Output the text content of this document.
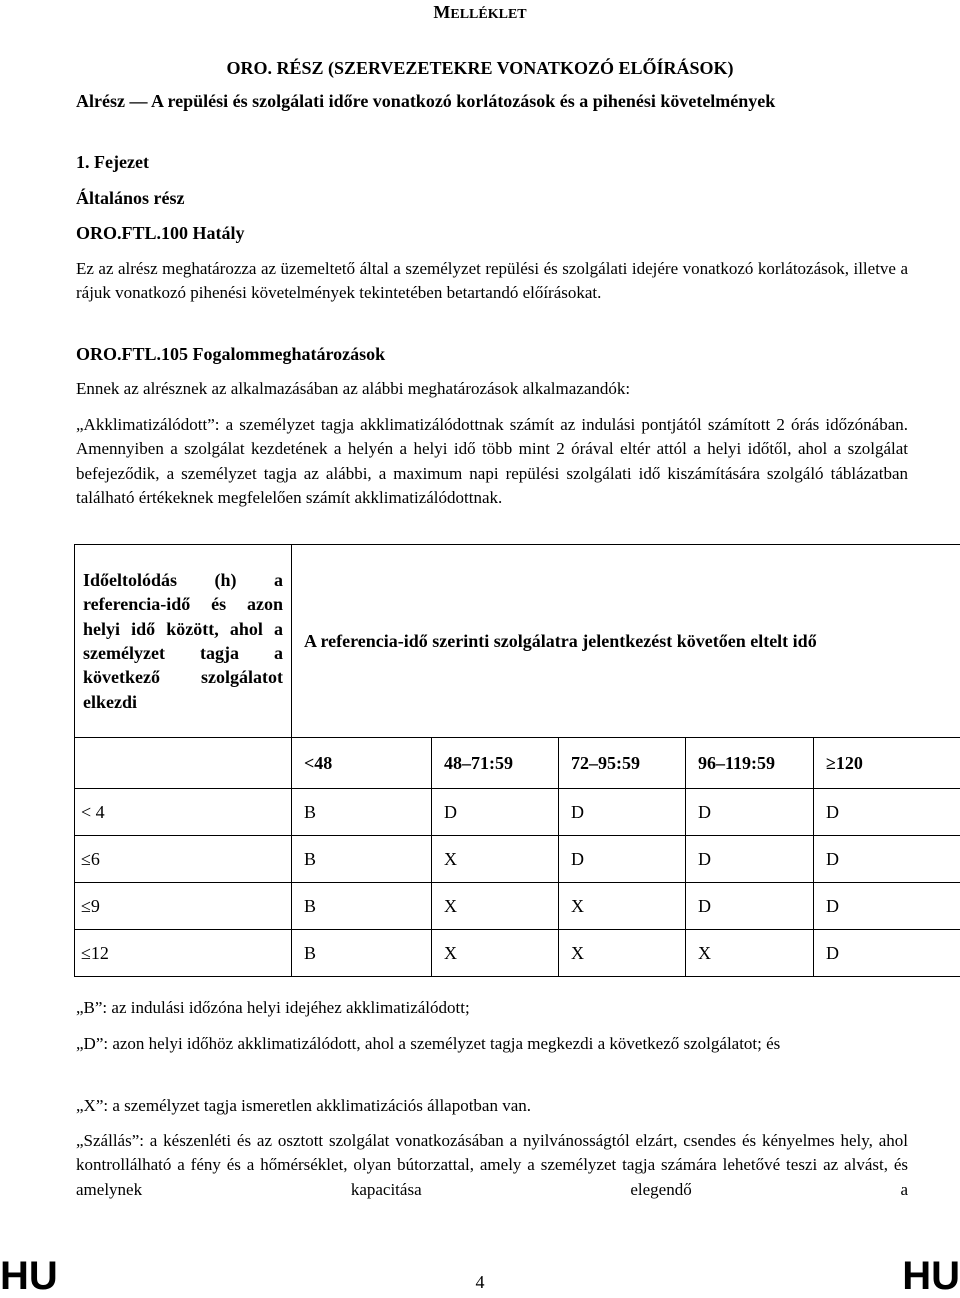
MELLÉKLET
ORO. RÉSZ (SZERVEZETEKRE VONATKOZÓ ELŐÍRÁSOK)
Alrész — A repülési és szolgálati időre vonatkozó korlátozások és a pihenési követelmények
1. Fejezet
Általános rész
ORO.FTL.100 Hatály
Ez az alrész meghatározza az üzemeltető által a személyzet repülési és szolgálati idejére vonatkozó korlátozások, illetve a rájuk vonatkozó pihenési követelmények tekintetében betartandó előírásokat.
ORO.FTL.105 Fogalommeghatározások
Ennek az alrésznek az alkalmazásában az alábbi meghatározások alkalmazandók:
„Akklimatizálódott”: a személyzet tagja akklimatizálódottnak számít az indulási pontjától számított 2 órás időzónában. Amennyiben a szolgálat kezdetének a helyén a helyi idő több mint 2 órával eltér attól a helyi időtől, ahol a szolgálat befejeződik, a személyzet tagja az alábbi, a maximum napi repülési szolgálati idő kiszámítására szolgáló táblázatban található értékeknek megfelelően számít akklimatizálódottnak.
Időeltolódás (h) a referencia-idő és azon helyi idő között, ahol a személyzet tagja a következő szolgálatot elkezdi	A referencia-idő szerinti szolgálatra jelentkezést követően eltelt idő				
	<48	48–71:59	72–95:59	96–119:59	≥120
< 4	B	D	D	D	D
≤6	B	X	D	D	D
≤9	B	X	X	D	D
≤12	B	X	X	X	D
„B”: az indulási időzóna helyi idejéhez akklimatizálódott;
„D”: azon helyi időhöz akklimatizálódott, ahol a személyzet tagja megkezdi a következő szolgálatot; és
„X”: a személyzet tagja ismeretlen akklimatizációs állapotban van.
„Szállás”: a készenléti és az osztott szolgálat vonatkozásában a nyilvánosságtól elzárt, csendes és kényelmes hely, ahol kontrollálható a fény és a hőmérséklet, olyan bútorzattal, amely a személyzet tagja számára lehetővé teszi az alvást, és amelynek kapacitása elegendő a
HU	4	HU
